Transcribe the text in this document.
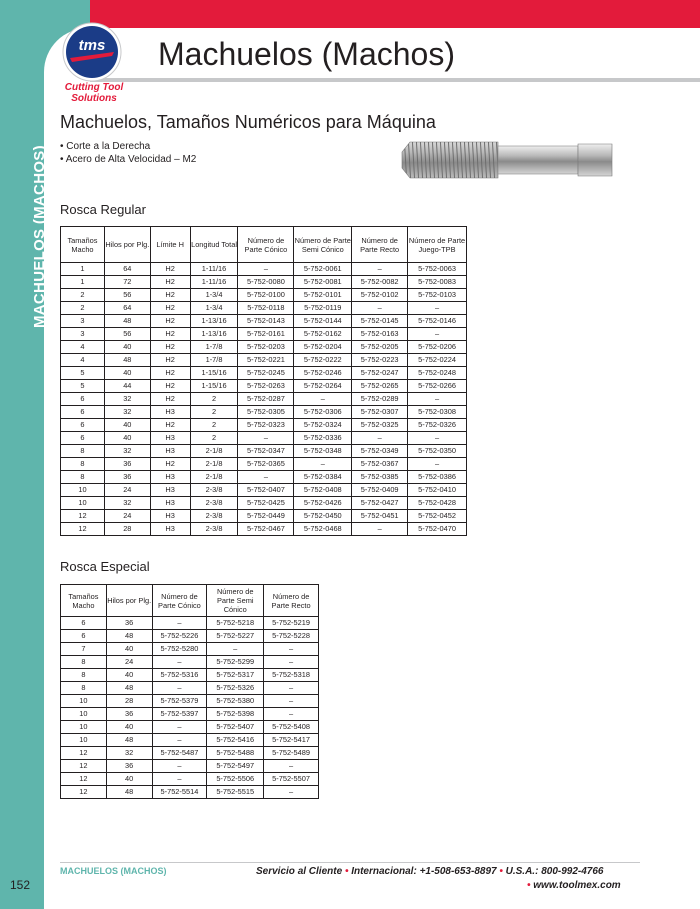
Machuelos (Machos)
tms
Cutting Tool Solutions
MACHUELOS (MACHOS)
Machuelos, Tamaños Numéricos para Máquina
• Corte a la Derecha
• Acero de Alta Velocidad – M2
Rosca Regular
Tamaños Macho	Hilos por Plg.	Límite H	Longitud Total	Número de Parte Cónico	Número de Parte Semi Cónico	Número de Parte Recto	Número de Parte Juego-TPB
1	64	H2	1-11/16	–	5-752-0061	–	5-752-0063
1	72	H2	1-11/16	5-752-0080	5-752-0081	5-752-0082	5-752-0083
2	56	H2	1-3/4	5-752-0100	5-752-0101	5-752-0102	5-752-0103
2	64	H2	1-3/4	5-752-0118	5-752-0119	–	–
3	48	H2	1-13/16	5-752-0143	5-752-0144	5-752-0145	5-752-0146
3	56	H2	1-13/16	5-752-0161	5-752-0162	5-752-0163	–
4	40	H2	1-7/8	5-752-0203	5-752-0204	5-752-0205	5-752-0206
4	48	H2	1-7/8	5-752-0221	5-752-0222	5-752-0223	5-752-0224
5	40	H2	1-15/16	5-752-0245	5-752-0246	5-752-0247	5-752-0248
5	44	H2	1-15/16	5-752-0263	5-752-0264	5-752-0265	5-752-0266
6	32	H2	2	5-752-0287	–	5-752-0289	–
6	32	H3	2	5-752-0305	5-752-0306	5-752-0307	5-752-0308
6	40	H2	2	5-752-0323	5-752-0324	5-752-0325	5-752-0326
6	40	H3	2	–	5-752-0336	–	–
8	32	H3	2-1/8	5-752-0347	5-752-0348	5-752-0349	5-752-0350
8	36	H2	2-1/8	5-752-0365	–	5-752-0367	–
8	36	H3	2-1/8	–	5-752-0384	5-752-0385	5-752-0386
10	24	H3	2-3/8	5-752-0407	5-752-0408	5-752-0409	5-752-0410
10	32	H3	2-3/8	5-752-0425	5-752-0426	5-752-0427	5-752-0428
12	24	H3	2-3/8	5-752-0449	5-752-0450	5-752-0451	5-752-0452
12	28	H3	2-3/8	5-752-0467	5-752-0468	–	5-752-0470
Rosca Especial
Tamaños Macho	Hilos por Plg.	Número de Parte Cónico	Número de Parte Semi Cónico	Número de Parte Recto
6	36	–	5-752-5218	5-752-5219
6	48	5-752-5226	5-752-5227	5-752-5228
7	40	5-752-5280	–	–
8	24	–	5-752-5299	–
8	40	5-752-5316	5-752-5317	5-752-5318
8	48	–	5-752-5326	–
10	28	5-752-5379	5-752-5380	–
10	36	5-752-5397	5-752-5398	–
10	40	–	5-752-5407	5-752-5408
10	48	–	5-752-5416	5-752-5417
12	32	5-752-5487	5-752-5488	5-752-5489
12	36	–	5-752-5497	–
12	40	–	5-752-5506	5-752-5507
12	48	5-752-5514	5-752-5515	–
MACHUELOS (MACHOS)	Servicio al Cliente • Internacional: +1-508-653-8897 • U.S.A.: 800-992-4766
• www.toolmex.com
152
